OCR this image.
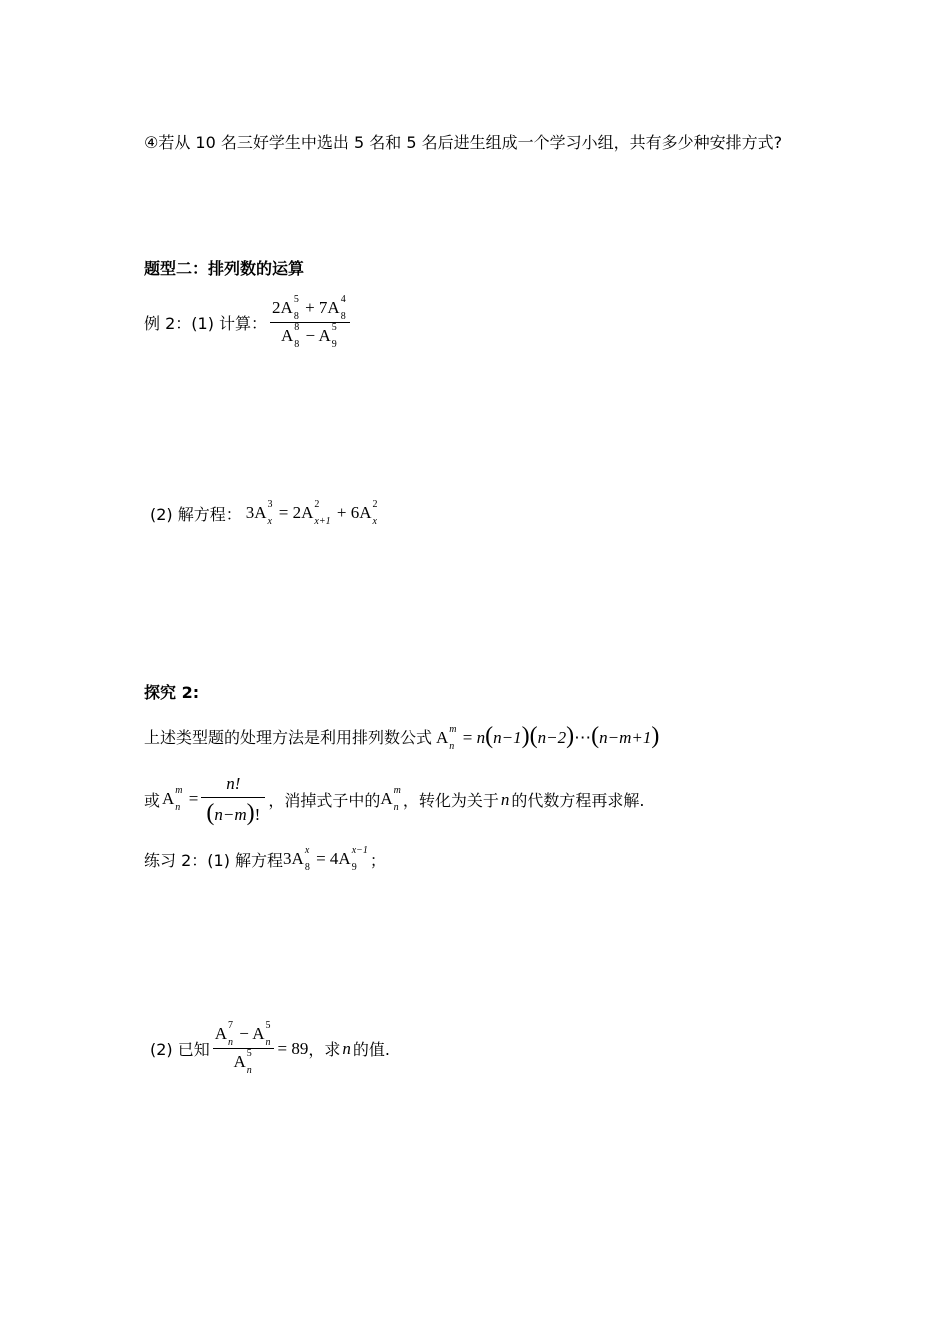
④若从 10 名三好学生中选出 5 名和 5 名后进生组成一个学习小组，共有多少种安排方式?
题型二：排列数的运算
例 2：(1) 计算： 2A 5
8 + 7A 4
8
A 8
8 − A 5
9
(2) 解方程： 3A 3
x = 2A 2
x+1 + 6A 2
x
探究 2:
上述类型题的处理方法是利用排列数公式 A m
n = n(n−1)(n−2)⋯(n−m+1)
或 A m
$n = \frac{n!}{(n-m)!}$ ，消掉式子中的 A m
n ，转化为关于 n 的代数方程再求解.
练习 2：(1) 解方程 3A x
8 = 4A x−1
9 ；
(2) 已知 A 7
n − A 5
n
A 5
n = 89 ，求 n 的值.
